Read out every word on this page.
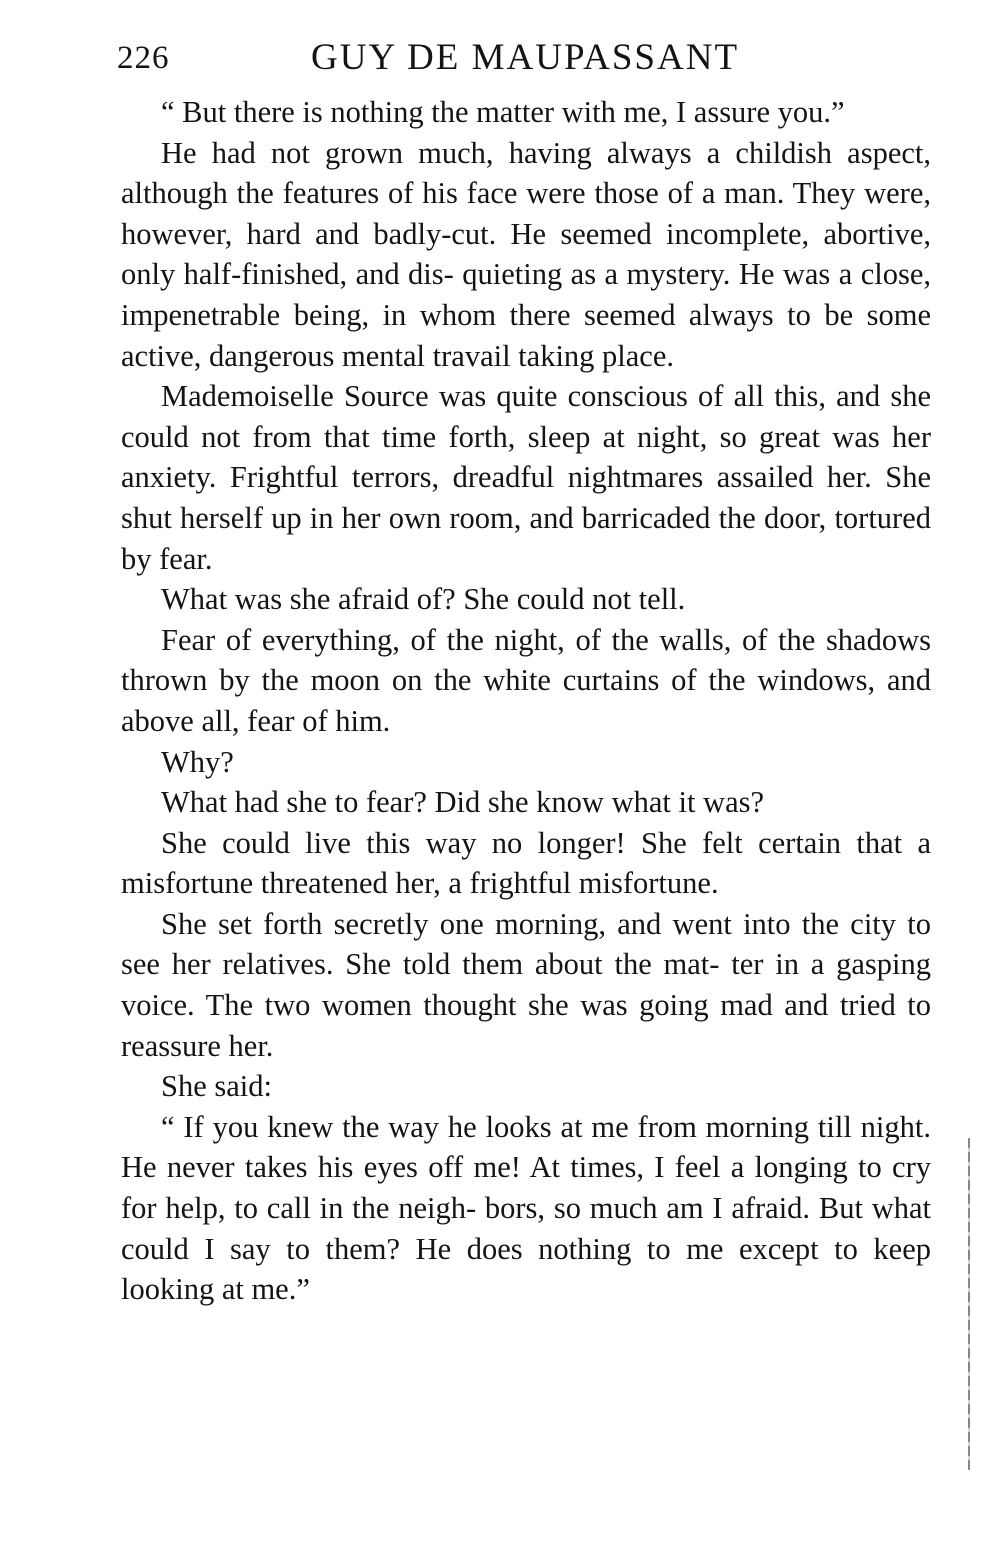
226	GUY DE MAUPASSANT

“ But there is nothing the matter with me, I assure you.”

He had not grown much, having always a childish aspect, although the features of his face were those of a man. They were, however, hard and badly-cut. He seemed incomplete, abortive, only half-finished, and dis- quieting as a mystery. He was a close, impenetrable being, in whom there seemed always to be some active, dangerous mental travail taking place.

Mademoiselle Source was quite conscious of all this, and she could not from that time forth, sleep at night, so great was her anxiety. Frightful terrors, dreadful nightmares assailed her. She shut herself up in her own room, and barricaded the door, tortured by fear.

What was she afraid of? She could not tell.

Fear of everything, of the night, of the walls, of the shadows thrown by the moon on the white curtains of the windows, and above all, fear of him.

Why?

What had she to fear? Did she know what it was?

She could live this way no longer! She felt certain that a misfortune threatened her, a frightful misfortune.

She set forth secretly one morning, and went into the city to see her relatives. She told them about the mat- ter in a gasping voice. The two women thought she was going mad and tried to reassure her.

She said:

“ If you knew the way he looks at me from morning till night. He never takes his eyes off me! At times, I feel a longing to cry for help, to call in the neigh- bors, so much am I afraid. But what could I say to them? He does nothing to me except to keep looking at me.”
